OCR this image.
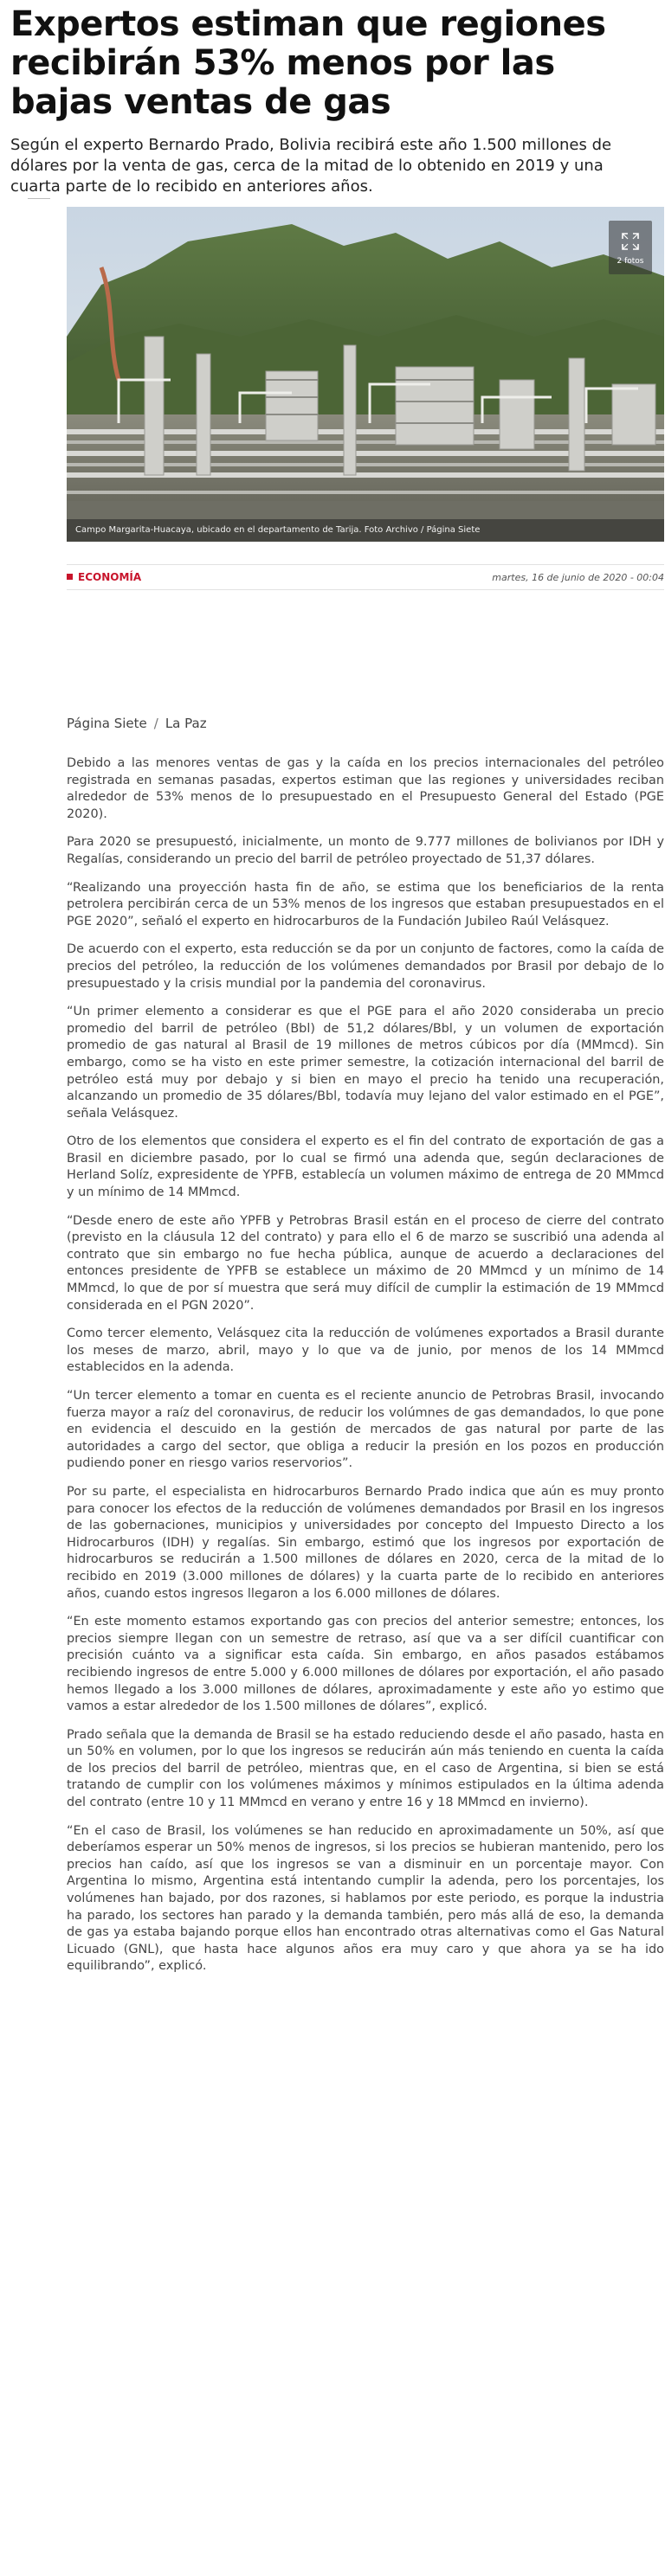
Expertos estiman que regiones recibirán 53% menos por las bajas ventas de gas

Según el experto Bernardo Prado, Bolivia recibirá este año 1.500 millones de dólares por la venta de gas, cerca de la mitad de lo obtenido en 2019 y una cuarta parte de lo recibido en anteriores años.

2 fotos
Campo Margarita-Huacaya, ubicado en el departamento de Tarija. Foto Archivo / Página Siete
ECONOMÍA	martes, 16 de junio de 2020 - 00:04
Página Siete / La Paz

Debido a las menores ventas de gas y la caída en los precios internacionales del petróleo registrada en semanas pasadas, expertos estiman que las regiones y universidades reciban alrededor de 53% menos de lo presupuestado en el Presupuesto General del Estado (PGE 2020).

Para 2020 se presupuestó, inicialmente, un monto de 9.777 millones de bolivianos por IDH y Regalías, considerando un precio del barril de petróleo proyectado de 51,37 dólares.

“Realizando una proyección hasta fin de año, se estima que los beneficiarios de la renta petrolera percibirán cerca de un 53% menos de los ingresos que estaban presupuestados en el PGE 2020”, señaló el experto en hidrocarburos de la Fundación Jubileo Raúl Velásquez.

De acuerdo con el experto, esta reducción se da por un conjunto de factores, como la caída de precios del petróleo, la reducción de los volúmenes demandados por Brasil por debajo de lo presupuestado y la crisis mundial por la pandemia del coronavirus.

“Un primer elemento a considerar es que el PGE para el año 2020 consideraba un precio promedio del barril de petróleo (Bbl) de 51,2 dólares/Bbl, y un volumen de exportación promedio de gas natural al Brasil de 19 millones de metros cúbicos por día (MMmcd). Sin embargo, como se ha visto en este primer semestre, la cotización internacional del barril de petróleo está muy por debajo y si bien en mayo el precio ha tenido una recuperación, alcanzando un promedio de 35 dólares/Bbl, todavía muy lejano del valor estimado en el PGE”, señala Velásquez.

Otro de los elementos que considera el experto es el fin del contrato de exportación de gas a Brasil en diciembre pasado, por lo cual se firmó una adenda que, según declaraciones de Herland Solíz, expresidente de YPFB, establecía un volumen máximo de entrega de 20 MMmcd y un mínimo de 14 MMmcd.

“Desde enero de este año YPFB y Petrobras Brasil están en el proceso de cierre del contrato (previsto en la cláusula 12 del contrato) y para ello el 6 de marzo se suscribió una adenda al contrato que sin embargo no fue hecha pública, aunque de acuerdo a declaraciones del entonces presidente de YPFB se establece un máximo de 20 MMmcd y un mínimo de 14 MMmcd, lo que de por sí muestra que será muy difícil de cumplir la estimación de 19 MMmcd considerada en el PGN 2020”.

Como tercer elemento, Velásquez cita la reducción de volúmenes exportados a Brasil durante los meses de marzo, abril, mayo y lo que va de junio, por menos de los 14 MMmcd establecidos en la adenda.

“Un tercer elemento a tomar en cuenta es el reciente anuncio de Petrobras Brasil, invocando fuerza mayor a raíz del coronavirus, de reducir los volúmnes de gas demandados, lo que pone en evidencia el descuido en la gestión de mercados de gas natural por parte de las autoridades a cargo del sector, que obliga a reducir la presión en los pozos en producción pudiendo poner en riesgo varios reservorios”.

Por su parte, el especialista en hidrocarburos Bernardo Prado indica que aún es muy pronto para conocer los efectos de la reducción de volúmenes demandados por Brasil en los ingresos de las gobernaciones, municipios y universidades por concepto del Impuesto Directo a los Hidrocarburos (IDH) y regalías. Sin embargo, estimó que los ingresos por exportación de hidrocarburos se reducirán a 1.500 millones de dólares en 2020, cerca de la mitad de lo recibido en 2019 (3.000 millones de dólares) y la cuarta parte de lo recibido en anteriores años, cuando estos ingresos llegaron a los 6.000 millones de dólares.

“En este momento estamos exportando gas con precios del anterior semestre; entonces, los precios siempre llegan con un semestre de retraso, así que va a ser difícil cuantificar con precisión cuánto va a significar esta caída. Sin embargo, en años pasados estábamos recibiendo ingresos de entre 5.000 y 6.000 millones de dólares por exportación, el año pasado hemos llegado a los 3.000 millones de dólares, aproximadamente y este año yo estimo que vamos a estar alrededor de los 1.500 millones de dólares”, explicó.

Prado señala que la demanda de Brasil se ha estado reduciendo desde el año pasado, hasta en un 50% en volumen, por lo que los ingresos se reducirán aún más teniendo en cuenta la caída de los precios del barril de petróleo, mientras que, en el caso de Argentina, si bien se está tratando de cumplir con los volúmenes máximos y mínimos estipulados en la última adenda del contrato (entre 10 y 11 MMmcd en verano y entre 16 y 18 MMmcd en invierno).

“En el caso de Brasil, los volúmenes se han reducido en aproximadamente un 50%, así que deberíamos esperar un 50% menos de ingresos, si los precios se hubieran mantenido, pero los precios han caído, así que los ingresos se van a disminuir en un porcentaje mayor. Con Argentina lo mismo, Argentina está intentando cumplir la adenda, pero los porcentajes, los volúmenes han bajado, por dos razones, si hablamos por este periodo, es porque la industria ha parado, los sectores han parado y la demanda también, pero más allá de eso, la demanda de gas ya estaba bajando porque ellos han encontrado otras alternativas como el Gas Natural Licuado (GNL), que hasta hace algunos años era muy caro y que ahora ya se ha ido equilibrando”, explicó.
